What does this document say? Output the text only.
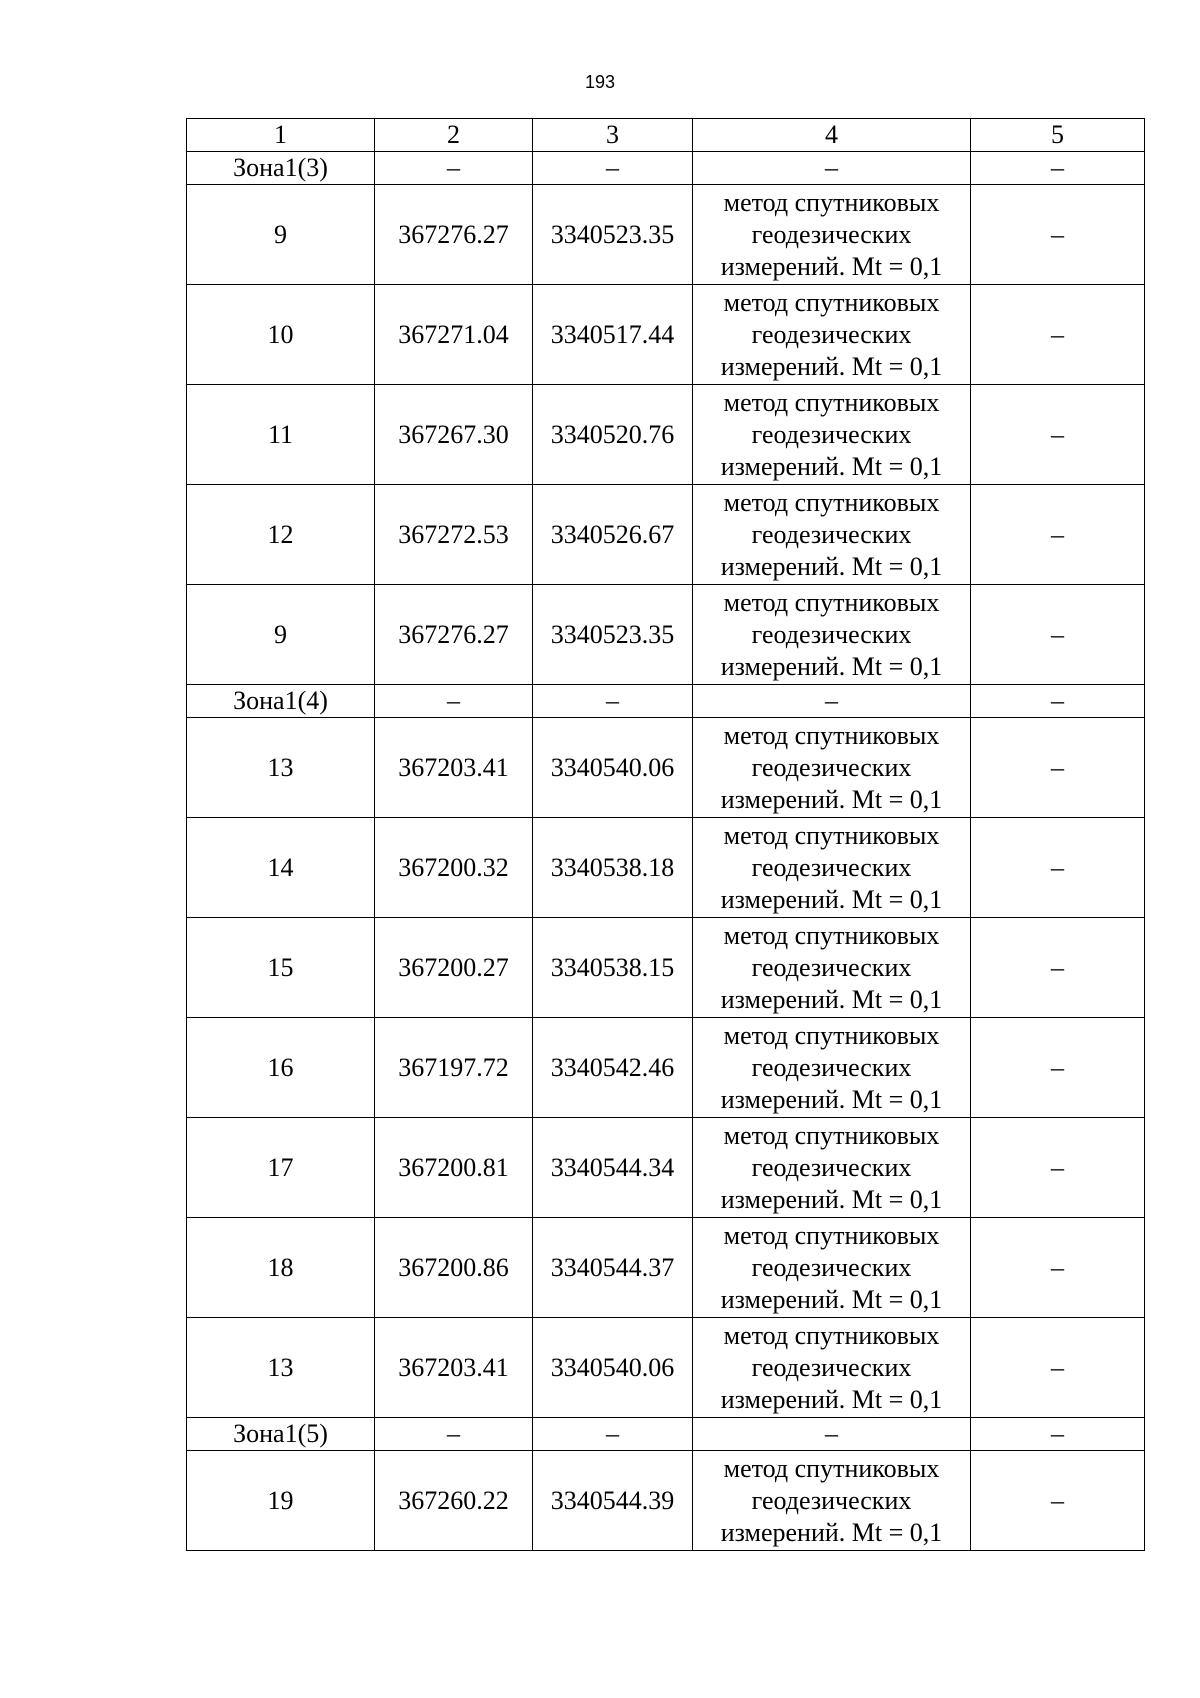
193
1	2	3	4	5
Зона1(3)	–	–	–	–
9	367276.27	3340523.35	метод спутниковых
геодезических
измерений. Mt = 0,1	–
10	367271.04	3340517.44	метод спутниковых
геодезических
измерений. Mt = 0,1	–
11	367267.30	3340520.76	метод спутниковых
геодезических
измерений. Mt = 0,1	–
12	367272.53	3340526.67	метод спутниковых
геодезических
измерений. Mt = 0,1	–
9	367276.27	3340523.35	метод спутниковых
геодезических
измерений. Mt = 0,1	–
Зона1(4)	–	–	–	–
13	367203.41	3340540.06	метод спутниковых
геодезических
измерений. Mt = 0,1	–
14	367200.32	3340538.18	метод спутниковых
геодезических
измерений. Mt = 0,1	–
15	367200.27	3340538.15	метод спутниковых
геодезических
измерений. Mt = 0,1	–
16	367197.72	3340542.46	метод спутниковых
геодезических
измерений. Mt = 0,1	–
17	367200.81	3340544.34	метод спутниковых
геодезических
измерений. Mt = 0,1	–
18	367200.86	3340544.37	метод спутниковых
геодезических
измерений. Mt = 0,1	–
13	367203.41	3340540.06	метод спутниковых
геодезических
измерений. Mt = 0,1	–
Зона1(5)	–	–	–	–
19	367260.22	3340544.39	метод спутниковых
геодезических
измерений. Mt = 0,1	–
